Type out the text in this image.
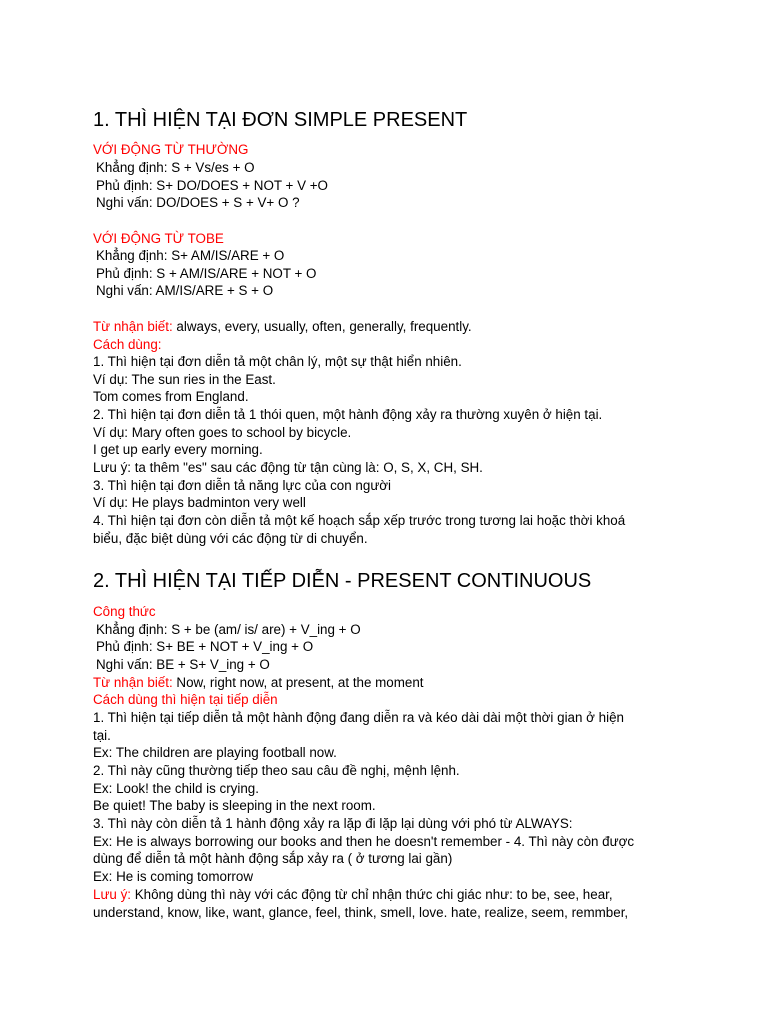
1. THÌ HIỆN TẠI ĐƠN SIMPLE PRESENT
VỚI ĐỘNG TỪ THƯỜNG
Khẳng định: S + Vs/es + O
Phủ định: S+ DO/DOES + NOT + V +O
Nghi vấn: DO/DOES + S + V+ O ?
VỚI ĐỘNG TỪ TOBE
Khẳng định: S+ AM/IS/ARE + O
Phủ định: S + AM/IS/ARE + NOT + O
Nghi vấn: AM/IS/ARE + S + O
Từ nhận biết: always, every, usually, often, generally, frequently.
Cách dùng:
1. Thì hiện tại đơn diễn tả một chân lý, một sự thật hiển nhiên.
Ví dụ: The sun ries in the East.
Tom comes from England.
2. Thì hiện tại đơn diễn tả 1 thói quen, một hành động xảy ra thường xuyên ở hiện tại.
Ví dụ: Mary often goes to school by bicycle.
I get up early every morning.
Lưu ý: ta thêm "es" sau các động từ tận cùng là: O, S, X, CH, SH.
3. Thì hiện tại đơn diễn tả năng lực của con người
Ví dụ: He plays badminton very well
4. Thì hiện tại đơn còn diễn tả một kế hoạch sắp xếp trước trong tương lai hoặc thời khoá
biểu, đặc biệt dùng với các động từ di chuyển.
2. THÌ HIỆN TẠI TIẾP DIỄN - PRESENT CONTINUOUS
Công thức
Khẳng định: S + be (am/ is/ are) + V_ing + O
Phủ định: S+ BE + NOT + V_ing + O
Nghi vấn: BE + S+ V_ing + O
Từ nhận biết: Now, right now, at present, at the moment
Cách dùng thì hiện tại tiếp diễn
1. Thì hiện tại tiếp diễn tả một hành động đang diễn ra và kéo dài dài một thời gian ở hiện
tại.
Ex: The children are playing football now.
2. Thì này cũng thường tiếp theo sau câu đề nghị, mệnh lệnh.
Ex: Look! the child is crying.
Be quiet! The baby is sleeping in the next room.
3. Thì này còn diễn tả 1 hành động xảy ra lặp đi lặp lại dùng với phó từ ALWAYS:
Ex: He is always borrowing our books and then he doesn't remember - 4. Thì này còn được
dùng để diễn tả một hành động sắp xảy ra ( ở tương lai gần)
Ex: He is coming tomorrow
Lưu ý: Không dùng thì này với các động từ chỉ nhận thức chi giác như: to be, see, hear,
understand, know, like, want, glance, feel, think, smell, love. hate, realize, seem, remmber,
